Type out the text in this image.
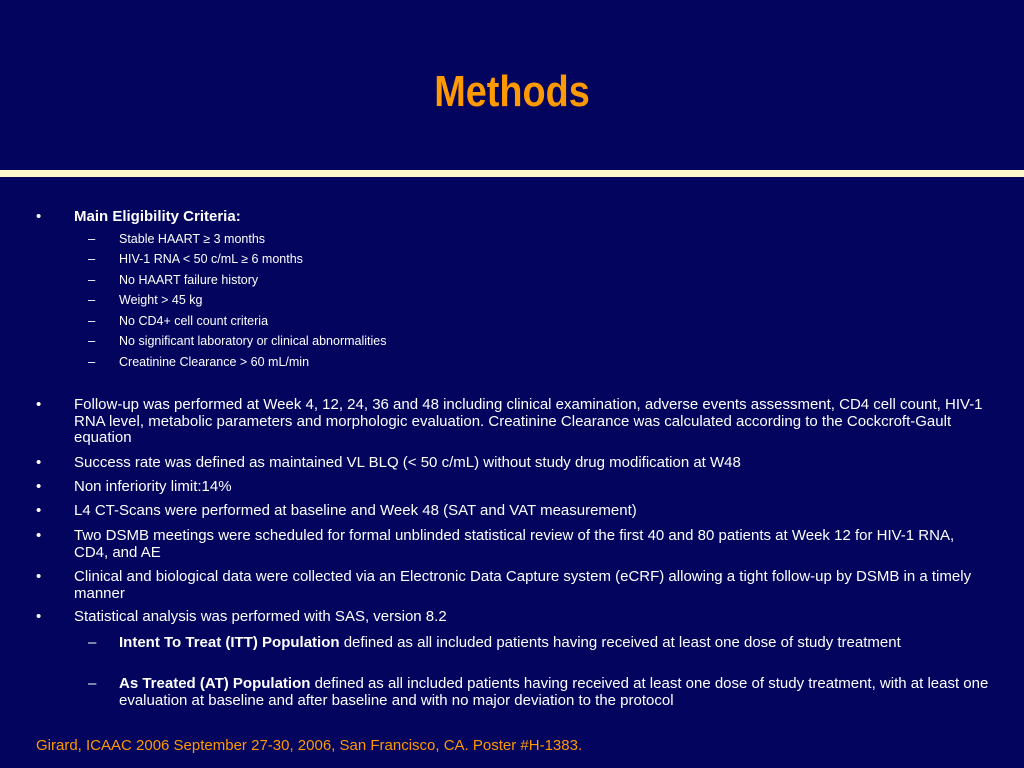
Methods
• Main Eligibility Criteria:
– Stable HAART ≥ 3 months
– HIV-1 RNA < 50 c/mL ≥ 6 months
– No HAART failure history
– Weight > 45 kg
– No CD4+ cell count criteria
– No significant laboratory or clinical abnormalities
– Creatinine Clearance > 60 mL/min
• Follow-up was performed at Week 4, 12, 24, 36 and 48 including clinical examination, adverse events assessment, CD4 cell count, HIV-1 RNA level, metabolic parameters and morphologic evaluation. Creatinine Clearance was calculated according to the Cockcroft-Gault equation
• Success rate was defined as maintained VL BLQ (< 50 c/mL) without study drug modification at W48
• Non inferiority limit:14%
• L4 CT-Scans were performed at baseline and Week 48 (SAT and VAT measurement)
• Two DSMB meetings were scheduled for formal unblinded statistical review of the first 40 and 80 patients at Week 12 for HIV-1 RNA, CD4, and AE
• Clinical and biological data were collected via an Electronic Data Capture system (eCRF) allowing a tight follow-up by DSMB in a timely manner
• Statistical analysis was performed with SAS, version 8.2
– Intent To Treat (ITT) Population defined as all included patients having received at least one dose of study treatment
– As Treated (AT) Population defined as all included patients having received at least one dose of study treatment, with at least one evaluation at baseline and after baseline and with no major deviation to the protocol
Girard, ICAAC 2006 September 27-30, 2006, San Francisco, CA. Poster #H-1383.
